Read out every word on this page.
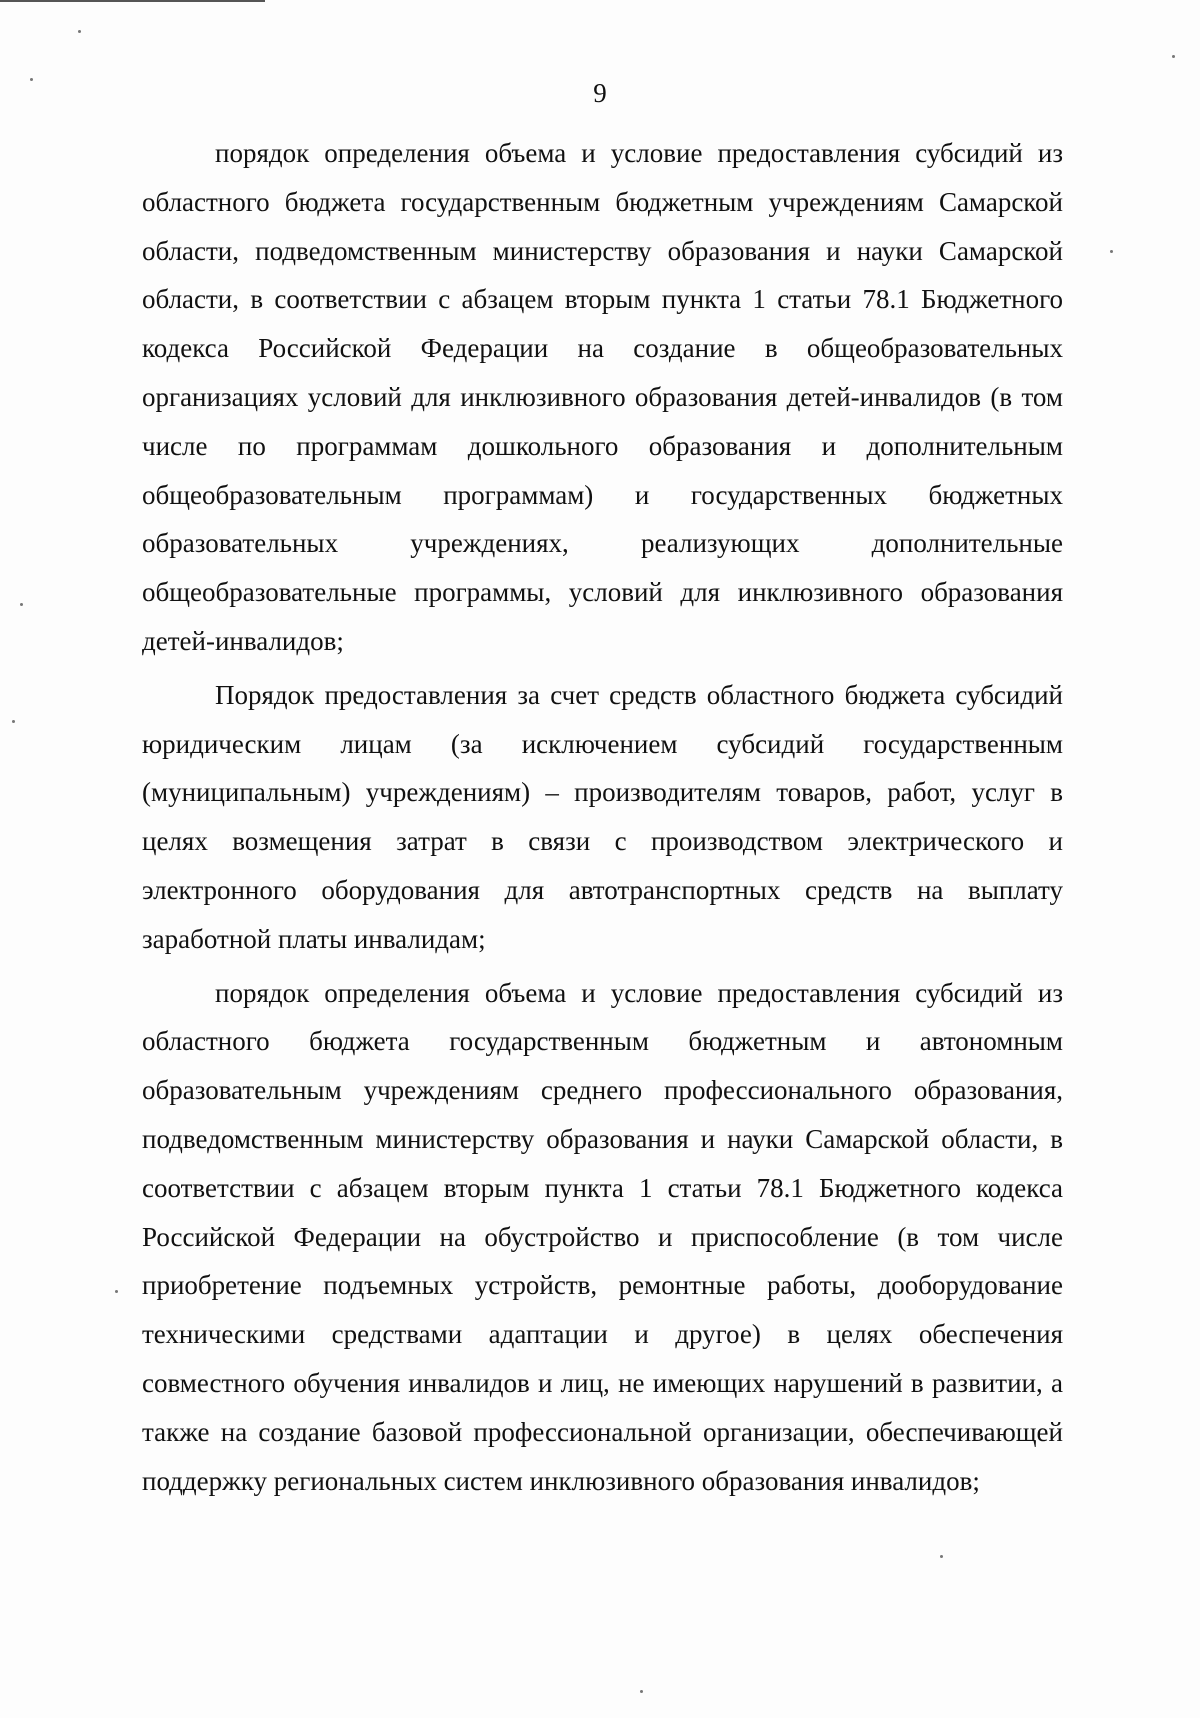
9

порядок определения объема и условие предоставления субсидий из областного бюджета государственным бюджетным учреждениям Самарской области, подведомственным министерству образования и науки Самарской области, в соответствии с абзацем вторым пункта 1 статьи 78.1 Бюджетного кодекса Российской Федерации на создание в общеобразовательных организациях условий для инклюзивного образования детей-инвалидов (в том числе по программам дошкольного образования и дополнительным общеобразовательным программам) и государственных бюджетных образовательных учреждениях, реализующих дополнительные общеобразовательные программы, условий для инклюзивного образования детей-инвалидов;

Порядок предоставления за счет средств областного бюджета субсидий юридическим лицам (за исключением субсидий государственным (муниципальным) учреждениям) – производителям товаров, работ, услуг в целях возмещения затрат в связи с производством электрического и электронного оборудования для автотранспортных средств на выплату заработной платы инвалидам;

порядок определения объема и условие предоставления субсидий из областного бюджета государственным бюджетным и автономным образовательным учреждениям среднего профессионального образования, подведомственным министерству образования и науки Самарской области, в соответствии с абзацем вторым пункта 1 статьи 78.1 Бюджетного кодекса Российской Федерации на обустройство и приспособление (в том числе приобретение подъемных устройств, ремонтные работы, дооборудование техническими средствами адаптации и другое) в целях обеспечения совместного обучения инвалидов и лиц, не имеющих нарушений в развитии, а также на создание базовой профессиональной организации, обеспечивающей поддержку региональных систем инклюзивного образования инвалидов;
